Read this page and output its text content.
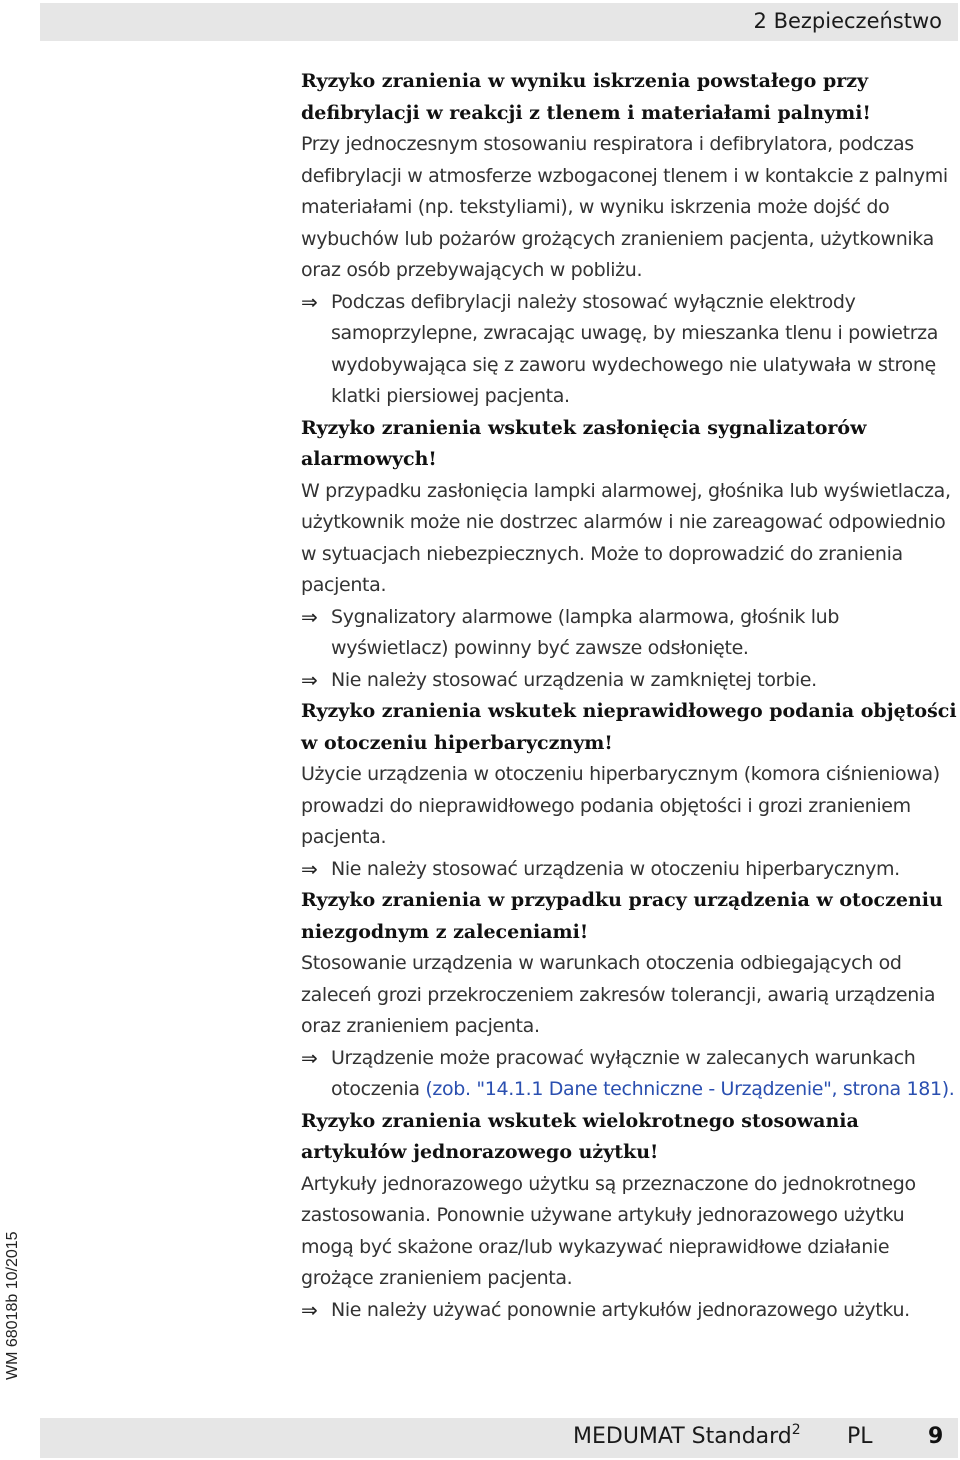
2 Bezpieczeństwo
WM 68018b 10/2015
Ryzyko zranienia w wyniku iskrzenia powstałego przy defibrylacji w reakcji z tlenem i materiałami palnymi!
Przy jednoczesnym stosowaniu respiratora i defibrylatora, podczas defibrylacji w atmosferze wzbogaconej tlenem i w kontakcie z palnymi materiałami (np. tekstyliami), w wyniku iskrzenia może dojść do wybuchów lub pożarów grożących zranieniem pacjenta, użytkownika oraz osób przebywających w pobliżu.
⇒ Podczas defibrylacji należy stosować wyłącznie elektrody samoprzylepne, zwracając uwagę, by mieszanka tlenu i powietrza wydobywająca się z zaworu wydechowego nie ulatywała w stronę klatki piersiowej pacjenta.
Ryzyko zranienia wskutek zasłonięcia sygnalizatorów alarmowych!
W przypadku zasłonięcia lampki alarmowej, głośnika lub wyświetlacza, użytkownik może nie dostrzec alarmów i nie zareagować odpowiednio w sytuacjach niebezpiecznych. Może to doprowadzić do zranienia pacjenta.
⇒ Sygnalizatory alarmowe (lampka alarmowa, głośnik lub wyświetlacz) powinny być zawsze odsłonięte.
⇒ Nie należy stosować urządzenia w zamkniętej torbie.
Ryzyko zranienia wskutek nieprawidłowego podania objętości w otoczeniu hiperbarycznym!
Użycie urządzenia w otoczeniu hiperbarycznym (komora ciśnieniowa) prowadzi do nieprawidłowego podania objętości i grozi zranieniem pacjenta.
⇒ Nie należy stosować urządzenia w otoczeniu hiperbarycznym.
Ryzyko zranienia w przypadku pracy urządzenia w otoczeniu niezgodnym z zaleceniami!
Stosowanie urządzenia w warunkach otoczenia odbiegających od zaleceń grozi przekroczeniem zakresów tolerancji, awarią urządzenia oraz zranieniem pacjenta.
⇒ Urządzenie może pracować wyłącznie w zalecanych warunkach otoczenia (zob. "14.1.1 Dane techniczne - Urządzenie", strona 181).
Ryzyko zranienia wskutek wielokrotnego stosowania artykułów jednorazowego użytku!
Artykuły jednorazowego użytku są przeznaczone do jednokrotnego zastosowania. Ponownie używane artykuły jednorazowego użytku mogą być skażone oraz/lub wykazywać nieprawidłowe działanie grożące zranieniem pacjenta.
⇒ Nie należy używać ponownie artykułów jednorazowego użytku.
MEDUMAT Standard$^2$ PL	9
